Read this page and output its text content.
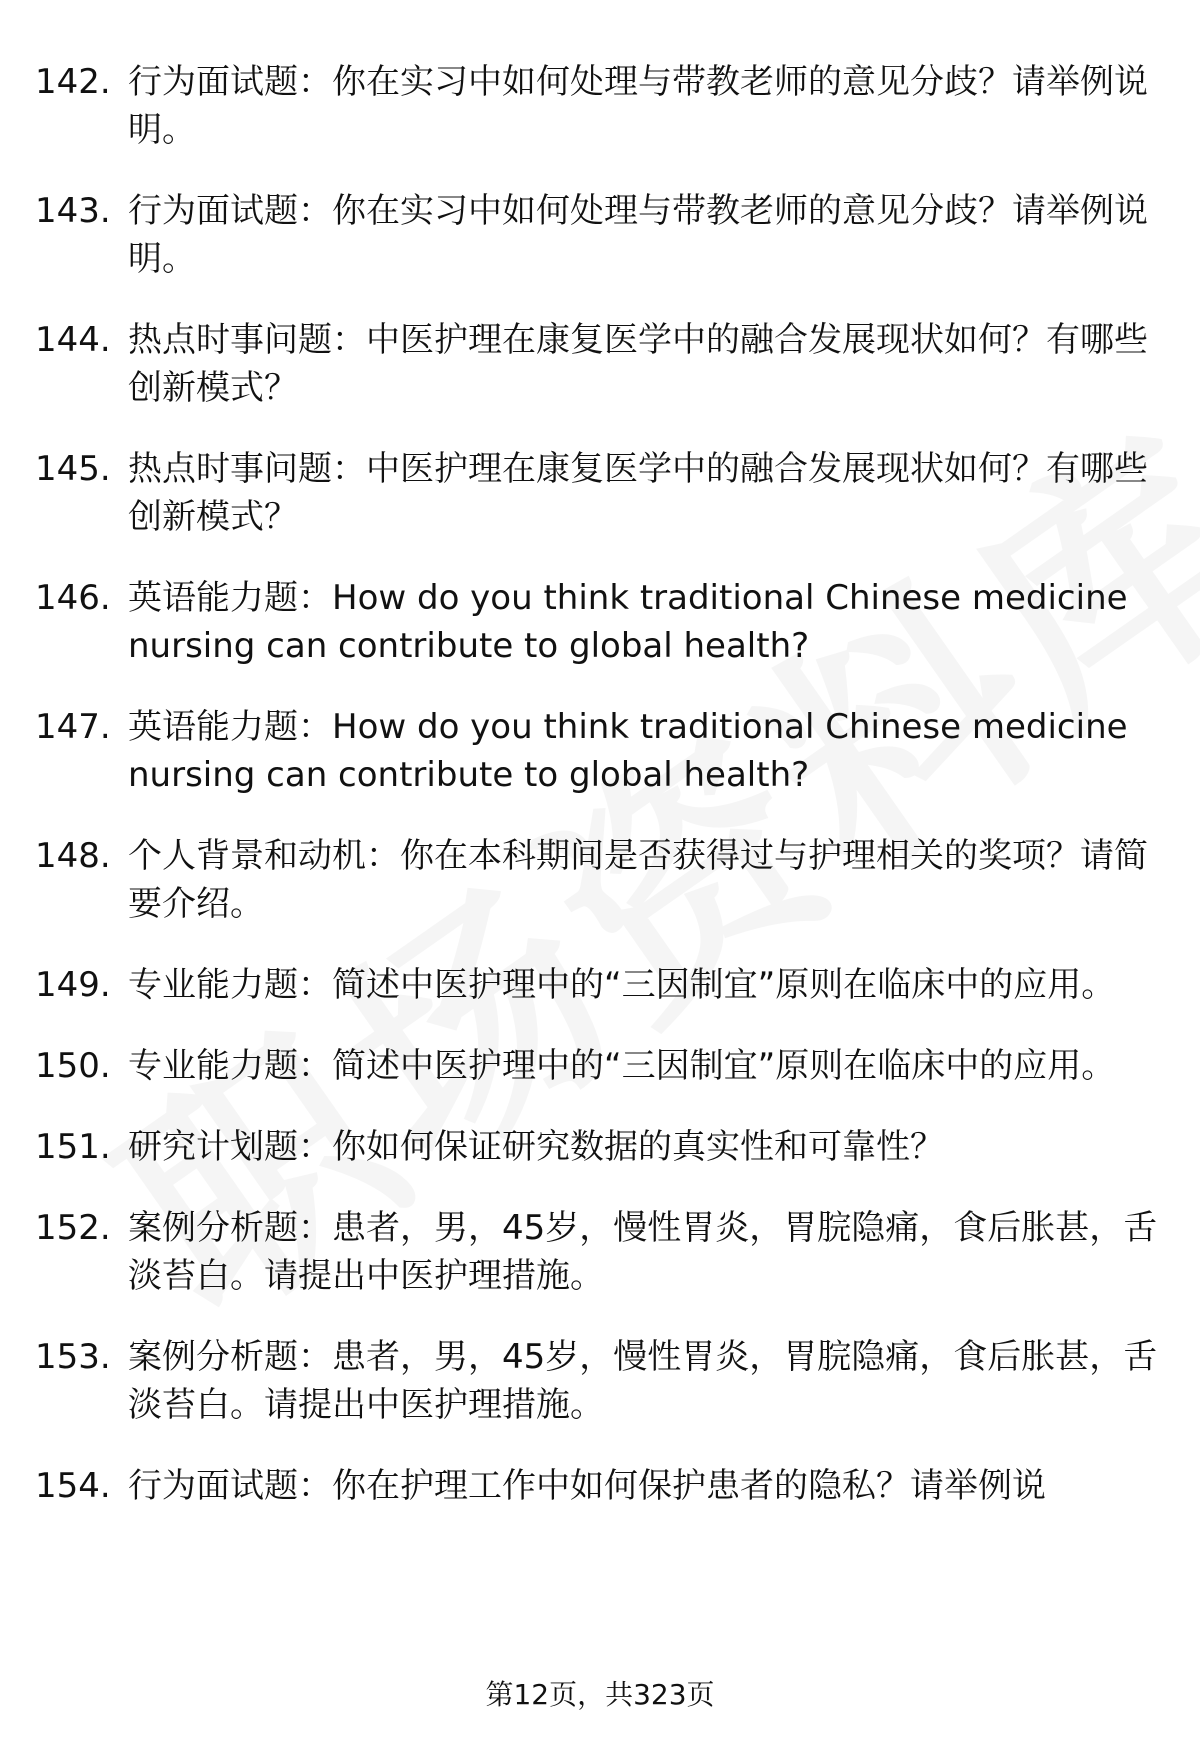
142. 行为面试题：你在实习中如何处理与带教老师的意见分歧？请举例说明。
143. 行为面试题：你在实习中如何处理与带教老师的意见分歧？请举例说明。
144. 热点时事问题：中医护理在康复医学中的融合发展现状如何？有哪些创新模式？
145. 热点时事问题：中医护理在康复医学中的融合发展现状如何？有哪些创新模式？
146. 英语能力题：How do you think traditional Chinese medicine nursing can contribute to global health?
147. 英语能力题：How do you think traditional Chinese medicine nursing can contribute to global health?
148. 个人背景和动机：你在本科期间是否获得过与护理相关的奖项？请简要介绍。
149. 专业能力题：简述中医护理中的“三因制宜”原则在临床中的应用。
150. 专业能力题：简述中医护理中的“三因制宜”原则在临床中的应用。
151. 研究计划题：你如何保证研究数据的真实性和可靠性？
152. 案例分析题：患者，男，45岁，慢性胃炎，胃脘隐痛，食后胀甚，舌淡苔白。请提出中医护理措施。
153. 案例分析题：患者，男，45岁，慢性胃炎，胃脘隐痛，食后胀甚，舌淡苔白。请提出中医护理措施。
154. 行为面试题：你在护理工作中如何保护患者的隐私？请举例说
第12页，共323页
